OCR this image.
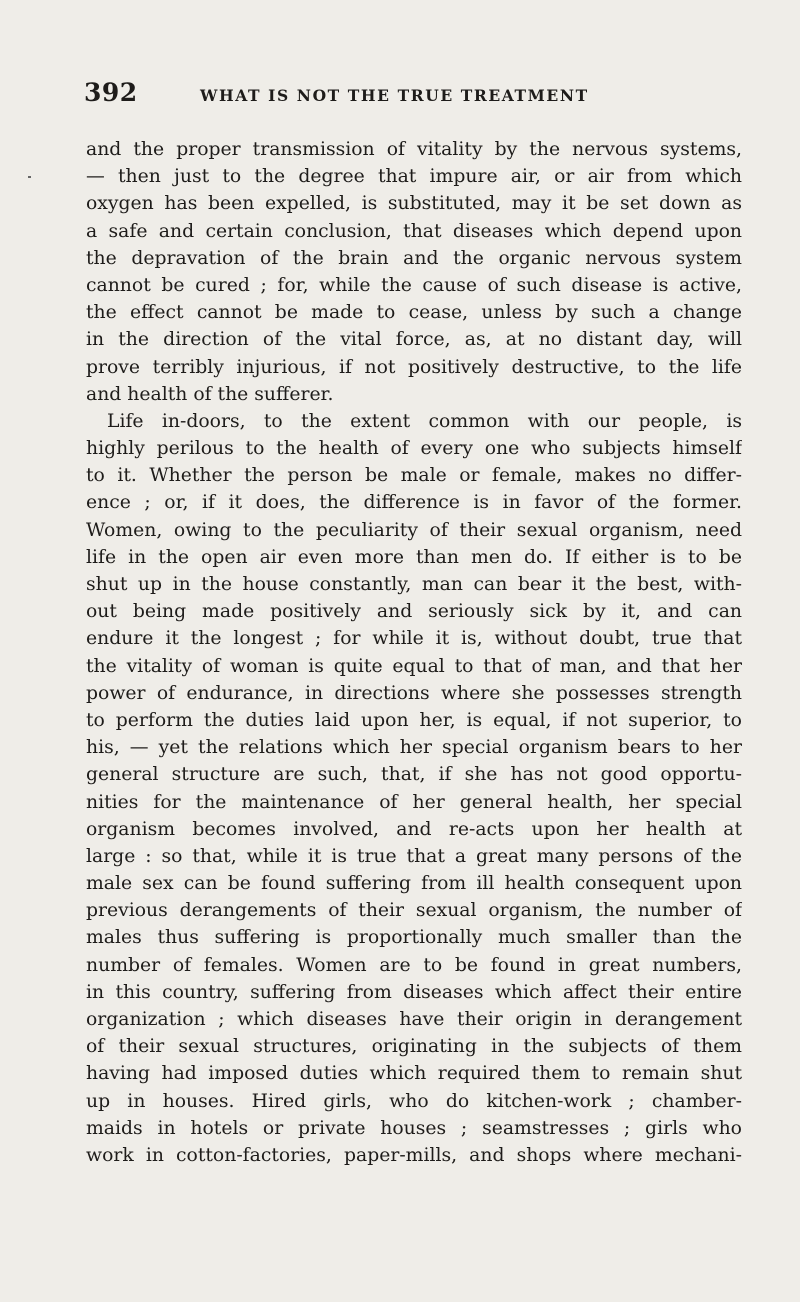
392	WHAT IS NOT THE TRUE TREATMENT
and the proper transmission of vitality by the nervous systems,
— then just to the degree that impure air, or air from which
oxygen has been expelled, is substituted, may it be set down as
a safe and certain conclusion, that diseases which depend upon
the depravation of the brain and the organic nervous system
cannot be cured ; for, while the cause of such disease is active,
the effect cannot be made to cease, unless by such a change
in the direction of the vital force, as, at no distant day, will
prove terribly injurious, if not positively destructive, to the life
and health of the sufferer.
Life in-doors, to the extent common with our people, is
highly perilous to the health of every one who subjects himself
to it. Whether the person be male or female, makes no differ-
ence ; or, if it does, the difference is in favor of the former.
Women, owing to the peculiarity of their sexual organism, need
life in the open air even more than men do. If either is to be
shut up in the house constantly, man can bear it the best, with-
out being made positively and seriously sick by it, and can
endure it the longest ; for while it is, without doubt, true that
the vitality of woman is quite equal to that of man, and that her
power of endurance, in directions where she possesses strength
to perform the duties laid upon her, is equal, if not superior, to
his, — yet the relations which her special organism bears to her
general structure are such, that, if she has not good opportu-
nities for the maintenance of her general health, her special
organism becomes involved, and re-acts upon her health at
large : so that, while it is true that a great many persons of the
male sex can be found suffering from ill health consequent upon
previous derangements of their sexual organism, the number of
males thus suffering is proportionally much smaller than the
number of females. Women are to be found in great numbers,
in this country, suffering from diseases which affect their entire
organization ; which diseases have their origin in derangement
of their sexual structures, originating in the subjects of them
having had imposed duties which required them to remain shut
up in houses. Hired girls, who do kitchen-work ; chamber-
maids in hotels or private houses ; seamstresses ; girls who
work in cotton-factories, paper-mills, and shops where mechani-
